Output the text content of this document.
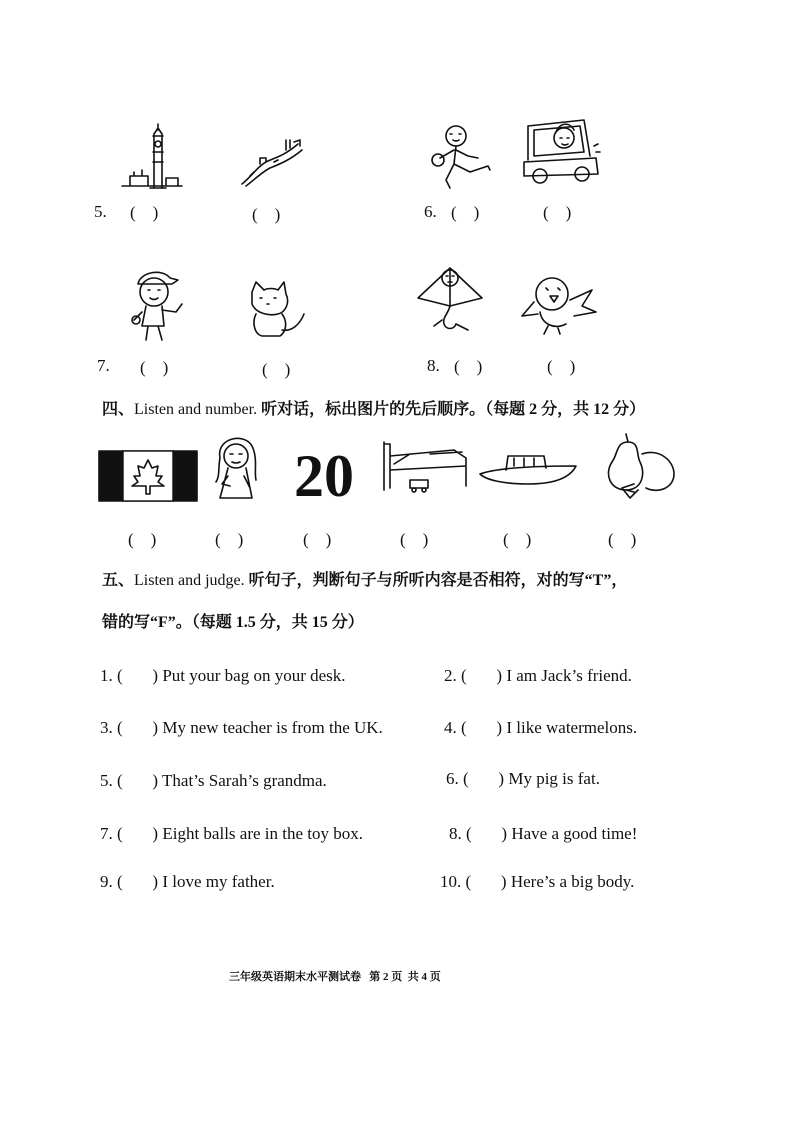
5. (    )	(    )	6. (    )	(    )
7. (    )	(    )	8. (    )	(    )
四、Listen and number. 听对话，标出图片的先后顺序。（每题 2 分，共 12 分）
20
(    )	(    )	(    )	(    )	(    )	(    )
五、Listen and judge. 听句子，判断句子与所听内容是否相符，对的写“T”，
错的写“F”。（每题 1.5 分，共 15 分）
1. ( ) Put your bag on your desk.	2. ( ) I am Jack’s friend.
3. ( ) My new teacher is from the UK.	4. ( ) I like watermelons.
5. ( ) That’s Sarah’s grandma.	6. ( ) My pig is fat.
7. ( ) Eight balls are in the toy box.	8. ( ) Have a good time!
9. ( ) I love my father.	10. ( ) Here’s a big body.
三年级英语期末水平测试卷   第 2 页  共 4 页
